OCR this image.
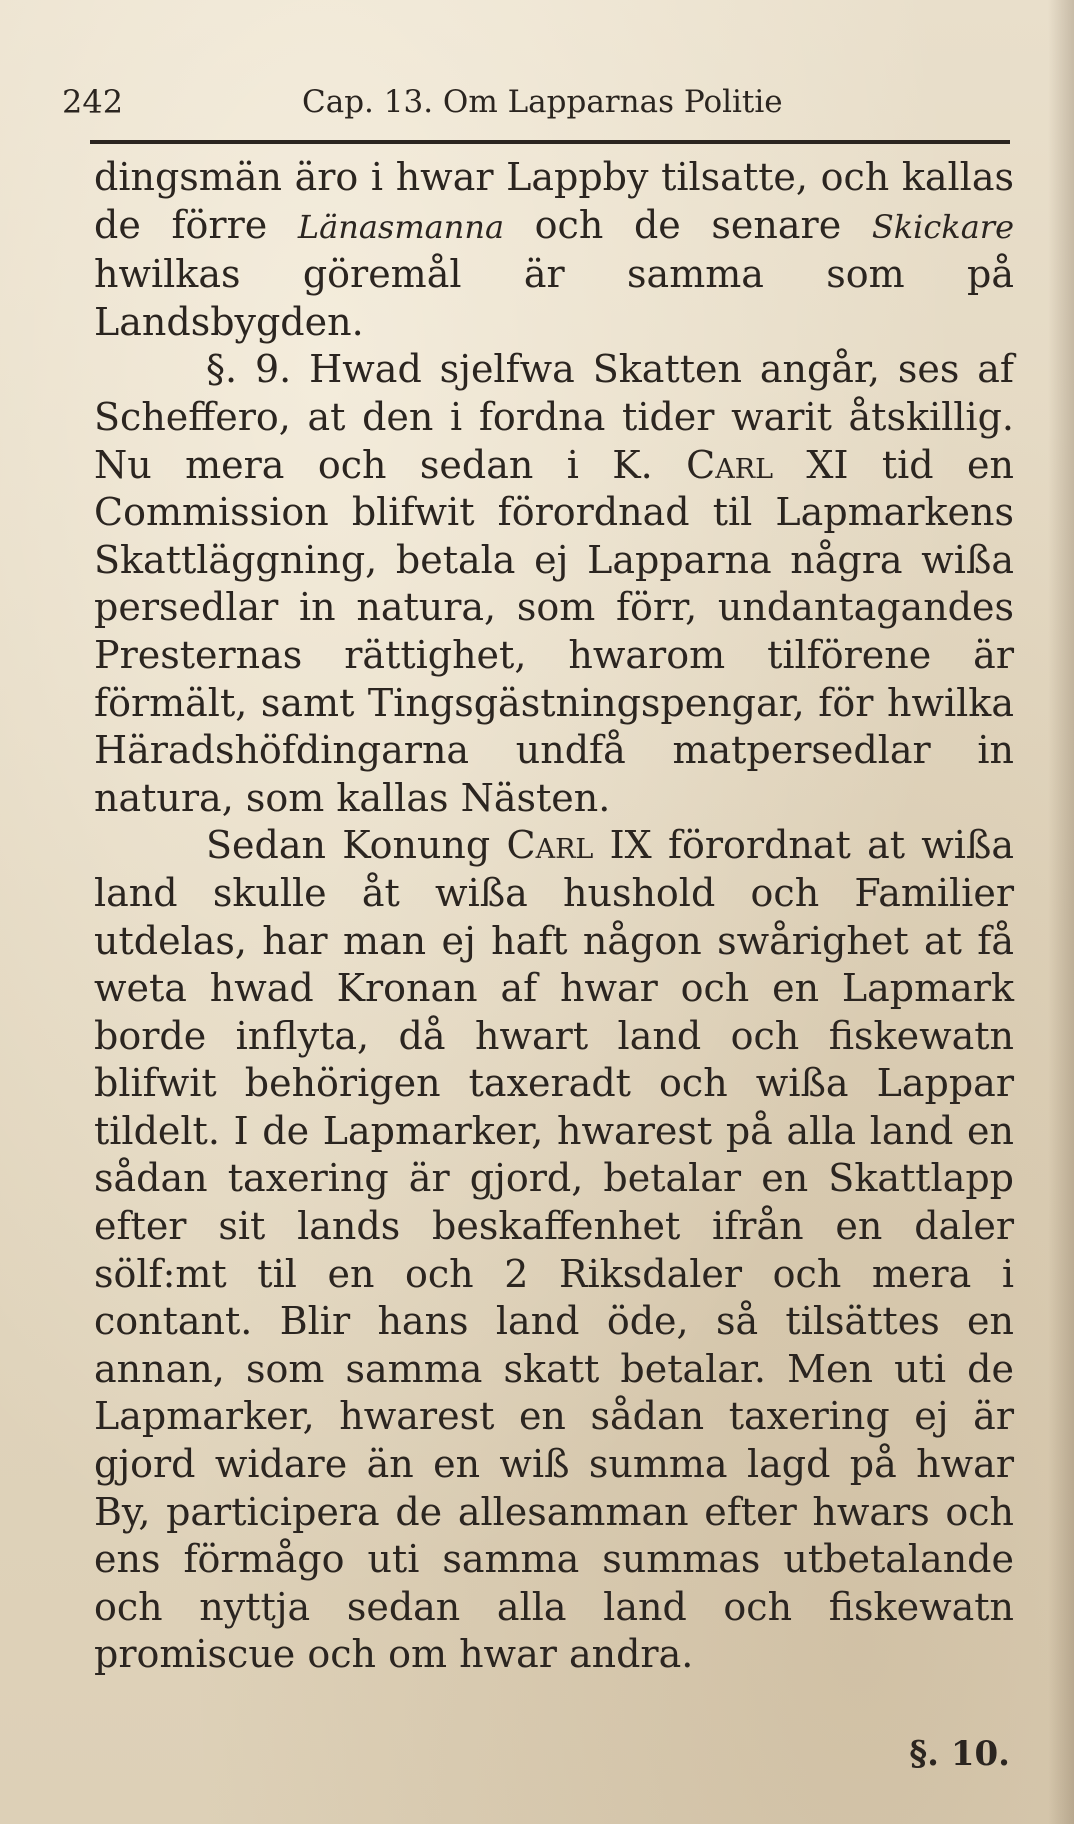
242	Cap. 13. Om Lapparnas Politie

dingsmän äro i hwar Lappby tilsatte, och kallas de förre Länasmanna och de senare Skickare hwilkas göremål är samma som på Landsbygden.

§. 9. Hwad sjelfwa Skatten angår, ses af Scheffero, at den i fordna tider warit åtskillig. Nu mera och sedan i K. Carl XI tid en Commission blifwit förordnad til Lapmarkens Skattläggning, betala ej Lapparna några wißa persedlar in natura, som förr, undantagandes Presternas rättighet, hwarom tilförene är förmält, samt Tingsgästningspengar, för hwilka Häradshöfdingarna undfå matpersedlar in natura, som kallas Nästen.

Sedan Konung Carl IX förordnat at wißa land skulle åt wißa hushold och Familier utdelas, har man ej haft någon swårighet at få weta hwad Kronan af hwar och en Lapmark borde inflyta, då hwart land och fiskewatn blifwit behörigen taxeradt och wißa Lappar tildelt. I de Lapmarker, hwarest på alla land en sådan taxering är gjord, betalar en Skattlapp efter sit lands beskaffenhet ifrån en daler sölf:mt til en och 2 Riksdaler och mera i contant. Blir hans land öde, så tilsättes en annan, som samma skatt betalar. Men uti de Lapmarker, hwarest en sådan taxering ej är gjord widare än en wiß summa lagd på hwar By, participera de allesamman efter hwars och ens förmågo uti samma summas utbetalande och nyttja sedan alla land och fiskewatn promiscue och om hwar andra.

§. 10.
